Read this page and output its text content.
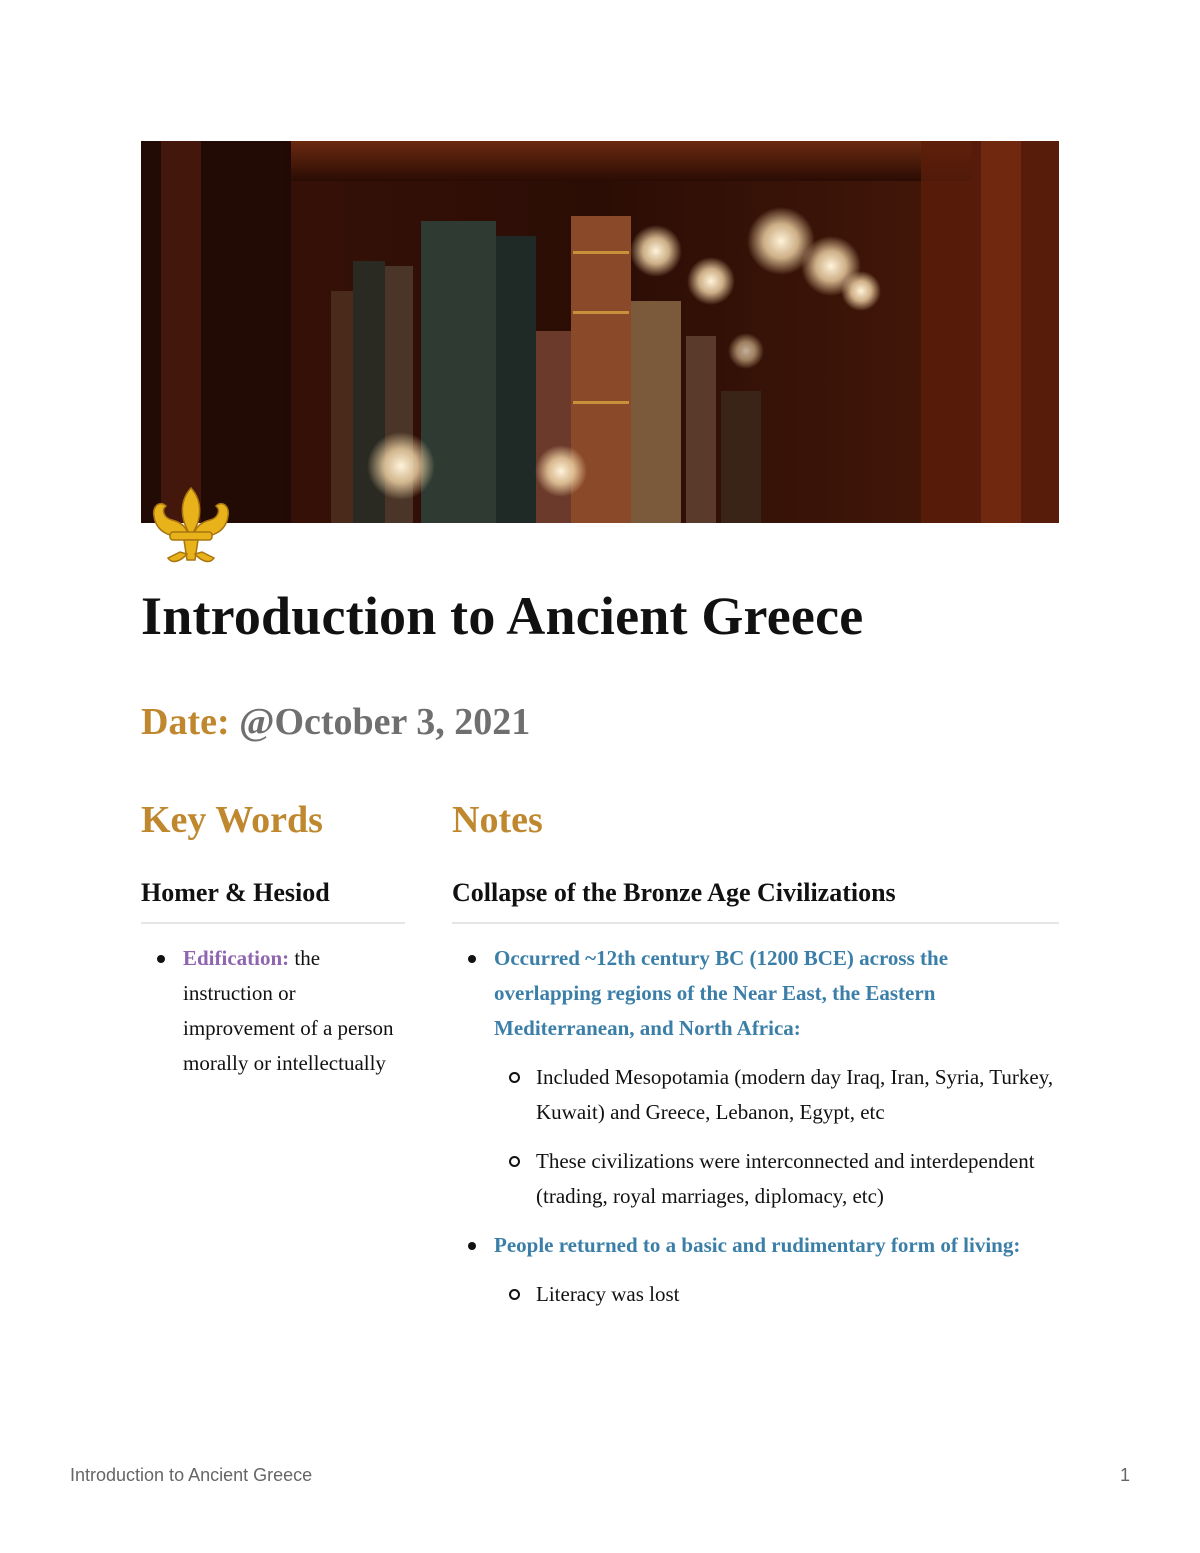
Introduction to Ancient Greece

Date: @October 3, 2021

Key Words
Homer & Hesiod
Edification: the instruction or improvement of a person morally or intellectually
Notes
Collapse of the Bronze Age Civilizations
Occurred ~12th century BC (1200 BCE) across the overlapping regions of the Near East, the Eastern Mediterranean, and North Africa:
Included Mesopotamia (modern day Iraq, Iran, Syria, Turkey, Kuwait) and Greece, Lebanon, Egypt, etc
These civilizations were interconnected and interdependent (trading, royal marriages, diplomacy, etc)
People returned to a basic and rudimentary form of living:
Literacy was lost

Introduction to Ancient Greece	1
